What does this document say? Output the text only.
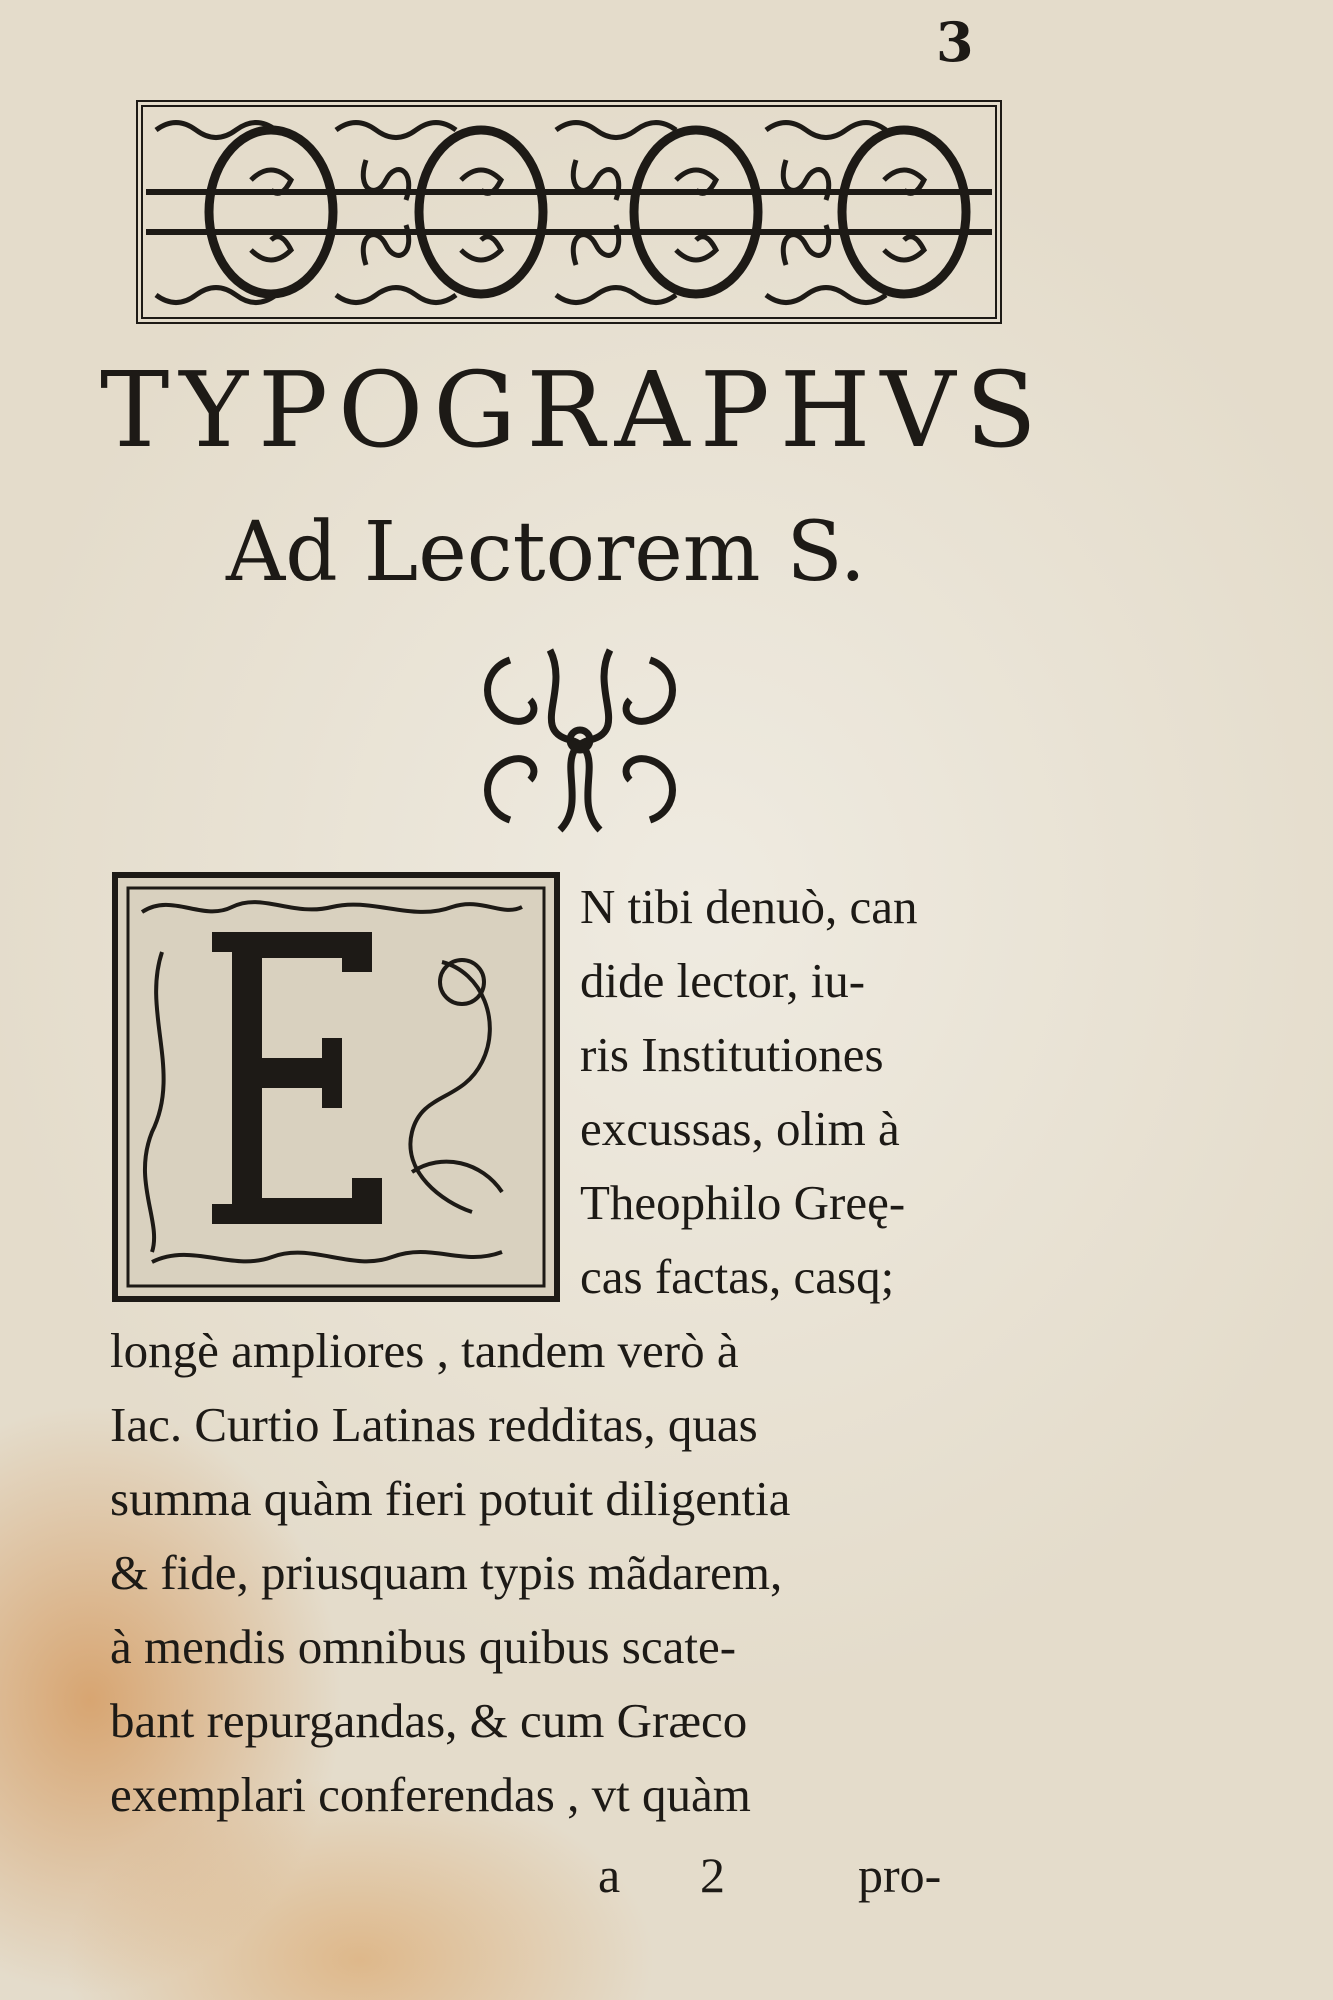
3
TYPOGRAPHVS
Ad Lectorem S.
N tibi denuò, can
dide lector, iu-
ris Institutiones
excussas, olim à
Theophilo Greę-
cas factas, casq;
longè ampliores , tandem verò à
Iac. Curtio Latinas redditas, quas
summa quàm fieri potuit diligentia
& fide, priusquam typis mãdarem,
à mendis omnibus quibus scate-
bant repurgandas, & cum Græco
exemplari conferendas , vt quàm
a 2	pro-
